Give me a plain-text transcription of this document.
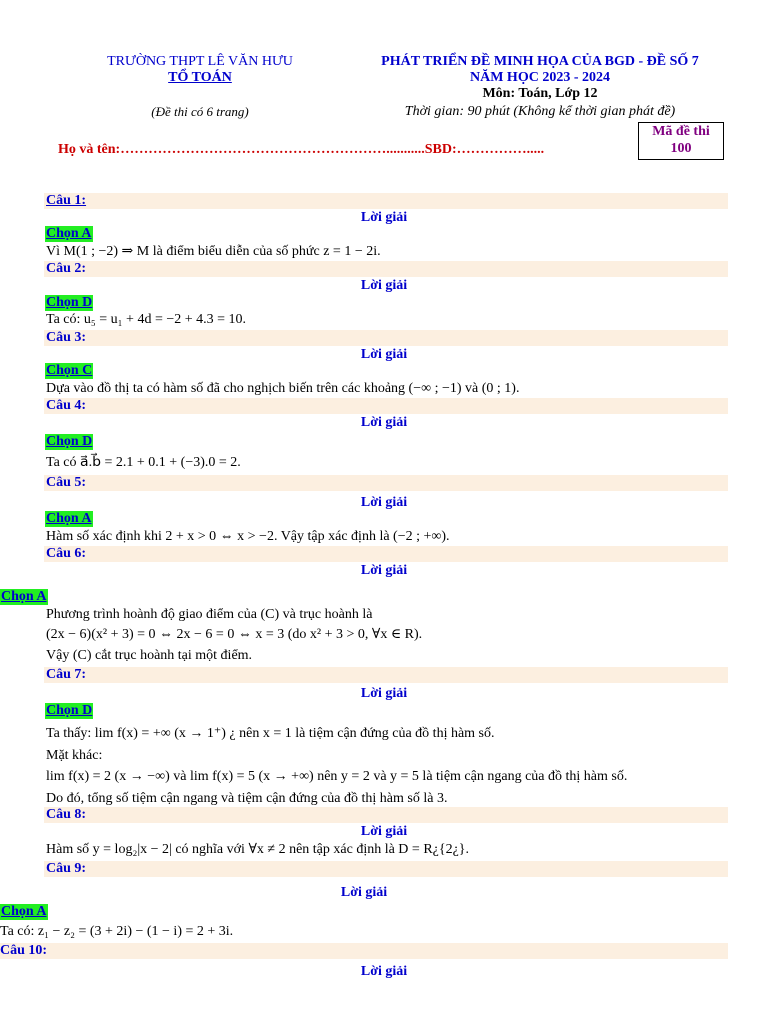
TRƯỜNG THPT LÊ VĂN HƯU
TỔ TOÁN
(Đề thi có 6 trang)
PHÁT TRIỂN ĐỀ MINH HỌA CỦA BGD - ĐỀ SỐ 7
NĂM HỌC 2023 - 2024
Môn: Toán, Lớp 12
Thời gian: 90 phút (Không kể thời gian phát đề)
Họ và tên:…………………………………………………...........SBD:…………….....
Mã đề thi
100
Câu 1:
Lời giải
Chọn A
Vì M(1 ; −2) ⇒ M là điểm biểu diễn của số phức z = 1 − 2i.
Câu 2:
Lời giải
Chọn D
Ta có: u₅ = u₁ + 4d = −2 + 4.3 = 10.
Câu 3:
Lời giải
Chọn C
Dựa vào đồ thị ta có hàm số đã cho nghịch biến trên các khoảng (−∞ ; −1) và (0 ; 1).
Câu 4:
Lời giải
Chọn D
Ta có a⃗.b⃗ = 2.1 + 0.1 + (−3).0 = 2.
Câu 5:
Lời giải
Chọn A
Hàm số xác định khi 2 + x > 0 ⇔ x > −2. Vậy tập xác định là (−2 ; +∞).
Câu 6:
Lời giải
Chọn A
Phương trình hoành độ giao điểm của (C) và trục hoành là
(2x − 6)(x² + 3) = 0 ⇔ 2x − 6 = 0 ⇔ x = 3 (do x² + 3 > 0, ∀x ∈ R).
Vậy (C) cắt trục hoành tại một điểm.
Câu 7:
Lời giải
Chọn D
Ta thấy: lim f(x) = +∞ (x → 1⁺) ¿ nên x = 1 là tiệm cận đứng của đồ thị hàm số.
Mặt khác:
lim f(x) = 2 (x → −∞) và lim f(x) = 5 (x → +∞) nên y = 2 và y = 5 là tiệm cận ngang của đồ thị hàm số.
Do đó, tổng số tiệm cận ngang và tiệm cận đứng của đồ thị hàm số là 3.
Câu 8:
Lời giải
Hàm số y = log₂|x − 2| có nghĩa với ∀x ≠ 2 nên tập xác định là D = R¿{2¿}.
Câu 9:
Lời giải
Chọn A
Ta có: z₁ − z₂ = (3 + 2i) − (1 − i) = 2 + 3i.
Câu 10:
Lời giải
